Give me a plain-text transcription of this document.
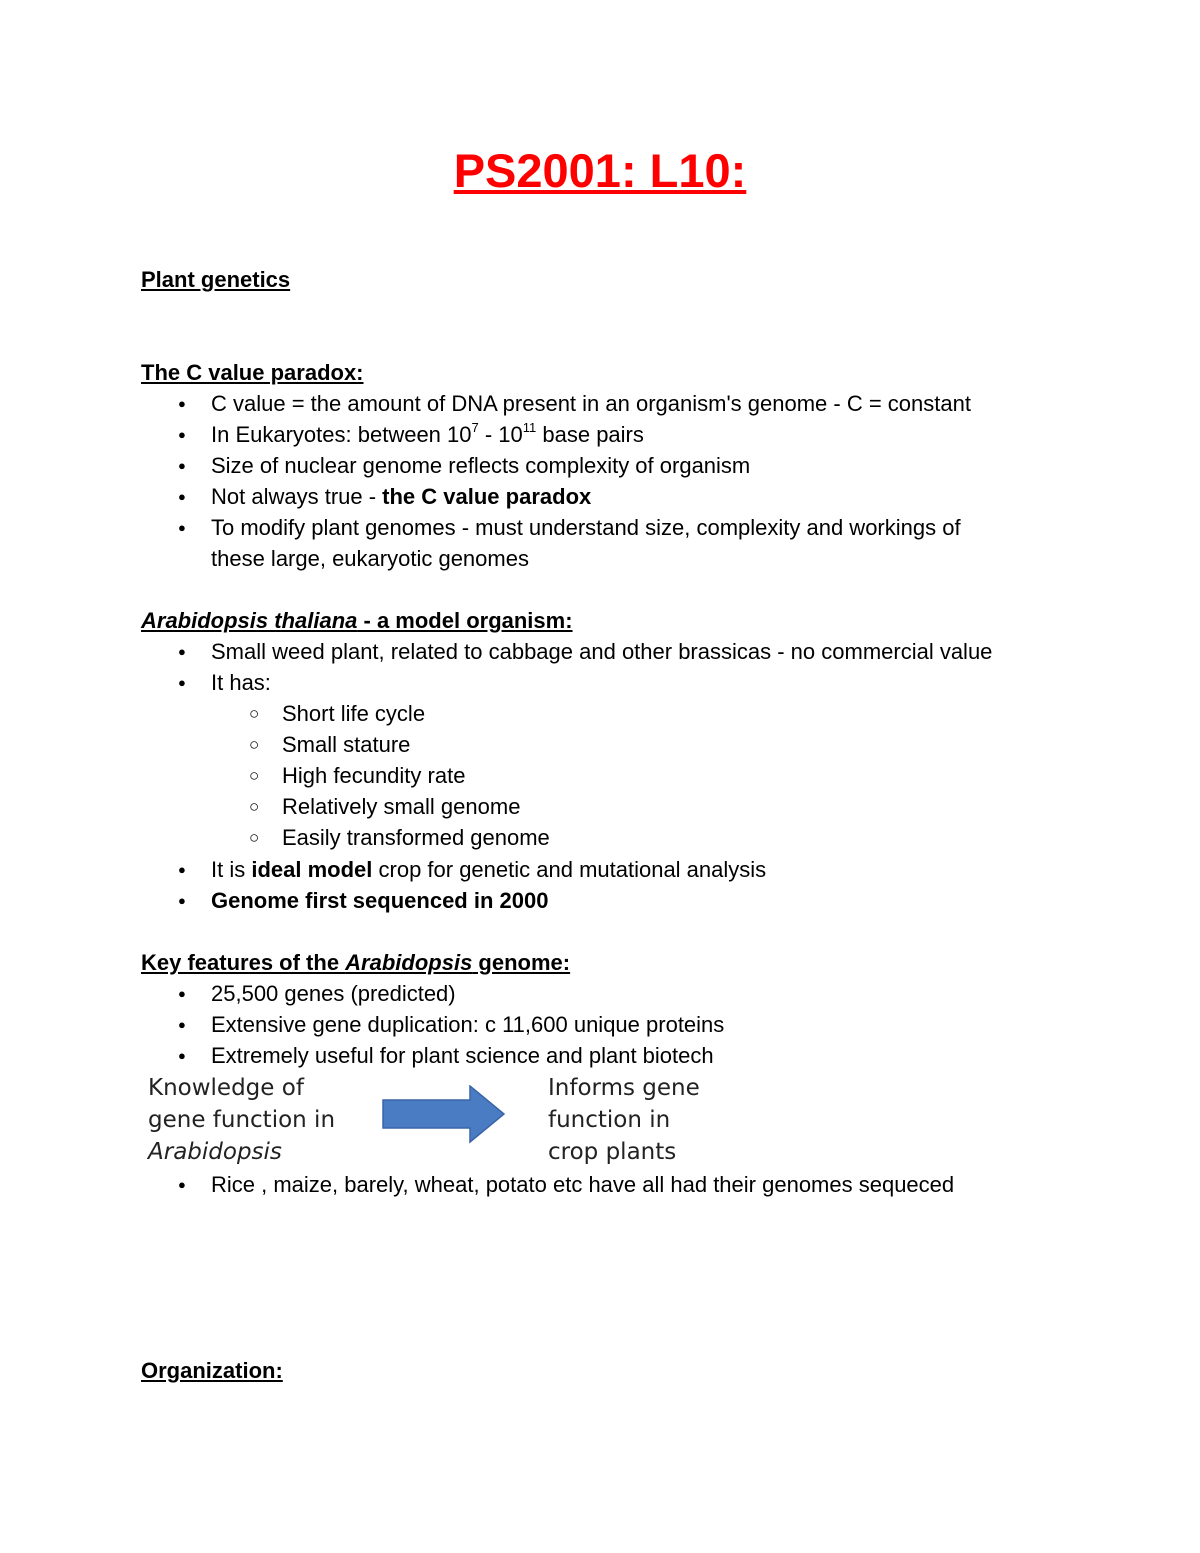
PS2001: L10:
Plant genetics
The C value paradox:
● C value = the amount of DNA present in an organism's genome - C = constant
● In Eukaryotes: between $10^7 - 10^{11}$ base pairs
● Size of nuclear genome reflects complexity of organism
● Not always true - the C value paradox
● To modify plant genomes - must understand size, complexity and workings of
these large, eukaryotic genomes
Arabidopsis thaliana - a model organism:
● Small weed plant, related to cabbage and other brassicas - no commercial value
● It has:
○ Short life cycle
○ Small stature
○ High fecundity rate
○ Relatively small genome
○ Easily transformed genome
● It is ideal model crop for genetic and mutational analysis
● Genome first sequenced in 2000
Key features of the Arabidopsis genome:
● 25,500 genes (predicted)
● Extensive gene duplication: c 11,600 unique proteins
● Extremely useful for plant science and plant biotech
Knowledge of
gene function in
Arabidopsis
Informs gene
function in
crop plants
● Rice , maize, barely, wheat, potato etc have all had their genomes sequeced
Organization:
